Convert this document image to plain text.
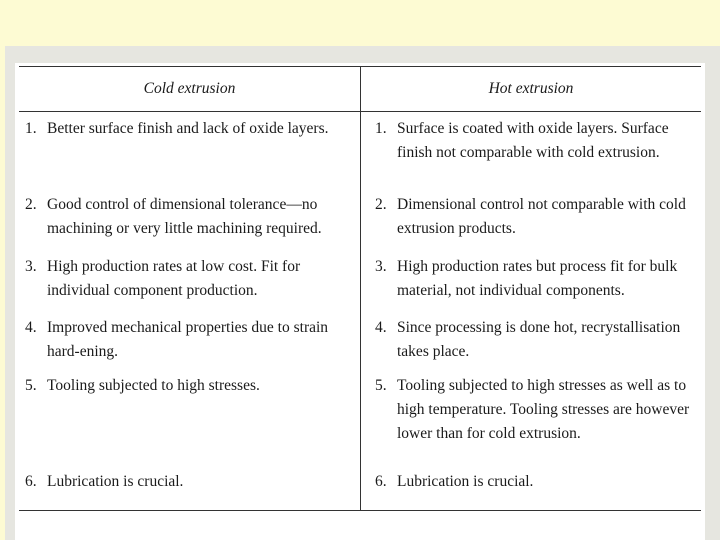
Cold extrusion	Hot extrusion

1. Better surface finish and lack of oxide layers.	1. Surface is coated with oxide layers. Surface finish not comparable with cold extrusion.

2. Good control of dimensional tolerance—no machining or very little machining required.	2. Dimensional control not comparable with cold extrusion products.

3. High production rates at low cost. Fit for individual component production.	3. High production rates but process fit for bulk material, not individual components.

4. Improved mechanical properties due to strain hard-ening.	4. Since processing is done hot, recrystallisation takes place.

5. Tooling subjected to high stresses.	5. Tooling subjected to high stresses as well as to high temperature. Tooling stresses are however lower than for cold extrusion.

6. Lubrication is crucial.	6. Lubrication is crucial.
